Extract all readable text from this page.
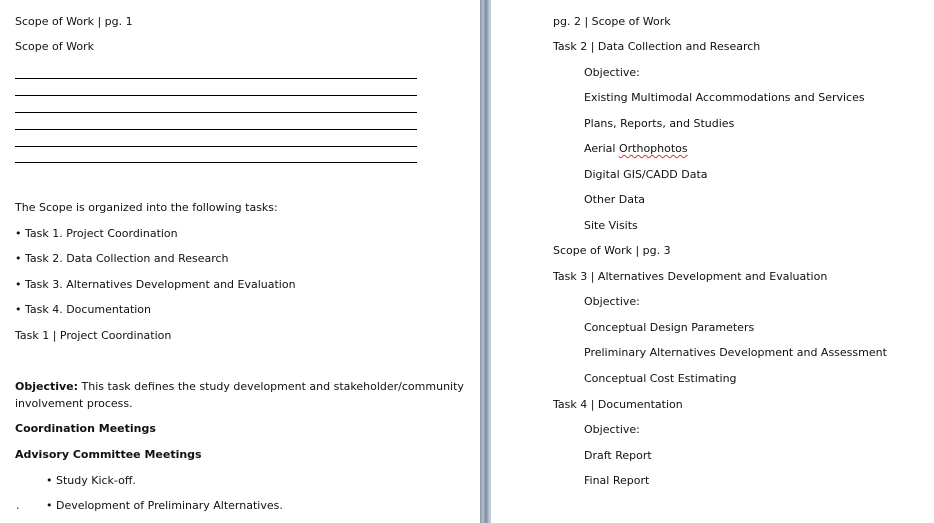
Scope of Work | pg. 1
Scope of Work
The Scope is organized into the following tasks:
• Task 1. Project Coordination
• Task 2. Data Collection and Research
• Task 3. Alternatives Development and Evaluation
• Task 4. Documentation
Task 1 | Project Coordination
Objective: This task defines the study development and stakeholder/community
involvement process.
Coordination Meetings
Advisory Committee Meetings
• Study Kick-off.
. • Development of Preliminary Alternatives.
pg. 2 | Scope of Work
Task 2 | Data Collection and Research
Objective:
Existing Multimodal Accommodations and Services
Plans, Reports, and Studies
Aerial Orthophotos
Digital GIS/CADD Data
Other Data
Site Visits
Scope of Work | pg. 3
Task 3 | Alternatives Development and Evaluation
Objective:
Conceptual Design Parameters
Preliminary Alternatives Development and Assessment
Conceptual Cost Estimating
Task 4 | Documentation
Objective:
Draft Report
Final Report
